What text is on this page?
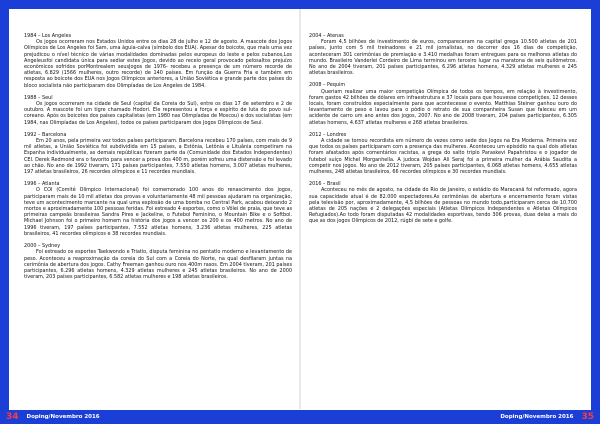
1984 – Los Angeles

Os jogos ocorreram nos Estados Unidos entre os dias 28 de julho e 12 de agosto. A mascote dos Jogos Olímpicos de Los Angeles foi Sam, uma águia-calva (símbolo dos EUA). Apesar do boicote, que mais uma vez prejudicou o nível técnico de várias modalidades dominadas pelos europeus do leste e pelos cubanos,Los Angeleusfoi candidata única para sediar estes Jogos, devido ao receio geral provocado pelosaltos prejuízo econômicos sofridos porMontrealem seusJogos de 1976- recebeu a presença de um número recorde de atletas, 6.829 (1566 mulheres, outro recorde) de 140 países. Em função da Guerra Fria e também em resposta ao boicote dos EUA nos Jogos Olímpicos anteriores, a União Soviética e grande parte dos países do bloco socialista não participaram dos Olimpíadas de Los Angeles de 1984.

1988 – Seul

Os jogos ocorreram na cidade de Seul (capital da Coreia do Sul), entre os dias 17 de setembro e 2 de outubro. A mascote foi um tigre chamado Hodori. Ele representou a força e espírito de luta do povo sul-coreano. Após os boicotes dos países capitalistas (em 1980 nas Olimpíadas de Moscou) e dos socialistas (em 1984, nas Olimpíadas de Los Angeles), todos os países participaram dos Jogos Olímpicos de Seul.

1992 – Barcelona

Em 20 anos, pela primeira vez todos países participaram. Barcelona recebeu 170 países, com mais de 9 mil atletas, a União Soviética foi subdividida em 15 países, a Estônia, Letônia e Lituânia competiram na Espanha individualmente, as demais repúblicas fizeram parte da (Comunidade dos Estados Independentes) CEI. Derek Redmond era o favorito para vencer a prova dos 400 m, porém sofreu uma distensão e foi levado ao chão. No ano de 1992 tiveram, 171 países participantes, 7.550 atletas homens, 3.007 atletas mulheres, 197 atletas brasileiros, 26 recordes olímpicos e 11 recordes mundiais.

1996 – Atlanta

O COI (Comitê Olímpico Internacional) foi comemorado 100 anos do renascimento dos jogos, participaram mais de 10 mil atletas dos provas e voluntariamente 48 mil pessoas ajudaram na organização, teve um acontecimento marcante na qual uma explosão de uma bomba no Central Park, acabou deixando 2 mortos e aproximadamente 100 pessoas feridas. Foi estreado 4 esportes, como o Vôlei de praia, que teve as primeiras campeãs brasileiras Sandra Pires e Jackeline, o Futebol Feminino, o Mountain Bike e o Softbol. Michael Johnson foi o primeiro homem na história dos jogos a vencer os 200 e os 400 metros. No ano de 1996 tiveram, 197 países participantes, 7.552 atletas homens, 3.236 atletas mulheres, 225 atletas brasileiros, 41 recordes olímpicos e 38 recordes mundiais.

2000 – Sydney

Foi estreado os esportes Taekwondo e Triatlo, disputa feminina no pentatlo moderno e levantamento de peso. Aconteceu a reaproximação da coreia do Sul com a Coreia do Norte, na qual desfilaram juntas na cerimônia de abertura dos jogos. Cathy Freeman ganhou ouro nos 400m rasos. Em 2004 tiveram, 201 países participantes, 6.296 atletas homens, 4.329 atletas mulheres e 245 atletas brasileiros. No ano de 2000 tiveram, 203 países participantes, 6.582 atletas mulheres e 198 atletas brasileiros.

2004 – Atenas

Foram 4,5 bilhões de investimento de euros, compareceram na capital grega 10.500 atletas de 201 países, junto com 5 mil treinadores e 21 mil jornalistas, no decorrer dos 16 dias de competição, aconteceram 301 cerimônias de premiação e 3.410 medalhas foram entregues para os melhores atletas do mundo. Brasileiro Vanderlei Cordeiro de Lima terminou em terceiro lugar na maratona de seis quilômetros. No ano de 2004 tiveram, 201 países participantes, 6.296 atletas homens, 4.329 atletas mulheres e 245 atletas brasileiros.

2008 – Pequim

Queriam realizar uma maior competição Olímpica de todos os tempos, em relação à investimento, foram gastos 42 bilhões de dólares em infraestrutura e 37 locais para que houvesse competições, 12 desses locais, foram construídos especialmente para que acontecesse o evento. Matthias Steiner ganhou ouro do levantamento de peso e lavou para o pódio o retrato de sua companheira Susan que faleceu em um acidente de carro um ano antes dos jogos, 2007. No ano de 2008 tiveram, 204 países participantes, 6.305 atletas homens, 4.637 atletas mulheres e 268 atletas brasileiros.

2012 – Londres

A cidade se tornou recordista em número de vezes como sede dos Jogos na Era Moderna. Primeira vez que todos os países participaram com a presença das mulheres. Aconteceu um episódio na qual dois atletas foram afastados após comentários racistas, a grega do salto triplo Paraskevi Papahristou e o jogador de futebol suíço Michel Morganhella. A judoca Wojdan Ali Seraj foi a primeira mulher da Arábia Saudita a competir nos jogos. No ano de 2012 tiveram, 205 países participantes, 6.068 atletas homens, 4.655 atletas mulheres, 248 atletas brasileiros, 66 recordes olímpicos e 30 recordes mundiais.

2016 – Brasil

Aconteceu no mês de agosto, na cidade do Rio de Janeiro, o estádio do Maracanã foi reformado, agora sua capacidade atual é de 82.000 espectadores.As cerimônias de abertura e encerramento foram vistas pela televisão por, aproximadamente, 4,5 bilhões de pessoas no mundo todo,participaram cerca de 10.700 atletas de 205 nações e 2 delegações especiais (Atletas Olímpicos Independentes e Atletas Olímpicos Refugiados).Ao todo foram disputadas 42 modalidades esportivas, tendo 306 provas, duas delas a mais do que as dos jogos Olímpicos de 2012, rúgbi de sete e golfe.

34	Doping/Novembro 2016	Doping/Novembro 2016 35
